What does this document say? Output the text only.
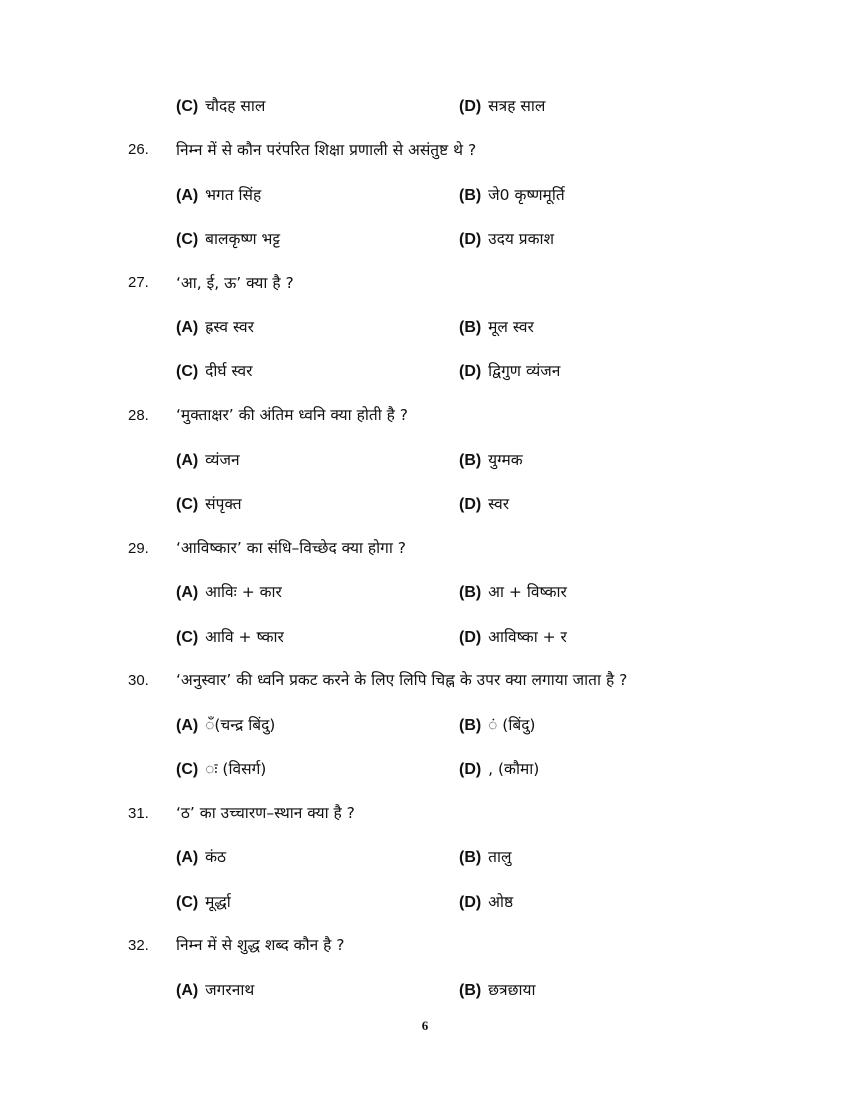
(C) चौदह साल	(D) सत्रह साल
26. निम्न में से कौन परंपरित शिक्षा प्रणाली से असंतुष्ट थे ?
(A) भगत सिंह	(B) जे0 कृष्णमूर्ति
(C) बालकृष्ण भट्ट	(D) उदय प्रकाश
27. ‘आ, ई, ऊ’ क्या है ?
(A) ह्रस्व स्वर	(B) मूल स्वर
(C) दीर्घ स्वर	(D) द्विगुण व्यंजन
28. ‘मुक्ताक्षर’ की अंतिम ध्वनि क्या होती है ?
(A) व्यंजन	(B) युग्मक
(C) संपृक्त	(D) स्वर
29. ‘आविष्कार’ का संधि–विच्छेद क्या होगा ?
(A) आविः + कार	(B) आ + विष्कार
(C) आवि + ष्कार	(D) आविष्का + र
30. ‘अनुस्वार’ की ध्वनि प्रकट करने के लिए लिपि चिह्न के उपर क्या लगाया जाता है ?
(A) ँ(चन्द्र बिंदु)	(B) ं (बिंदु)
(C) ः (विसर्ग)	(D) , (कौमा)
31. ‘ठ’ का उच्चारण–स्थान क्या है ?
(A) कंठ	(B) तालु
(C) मूर्द्धा	(D) ओष्ठ
32. निम्न में से शुद्ध शब्द कौन है ?
(A) जगरनाथ	(B) छत्रछाया
6
